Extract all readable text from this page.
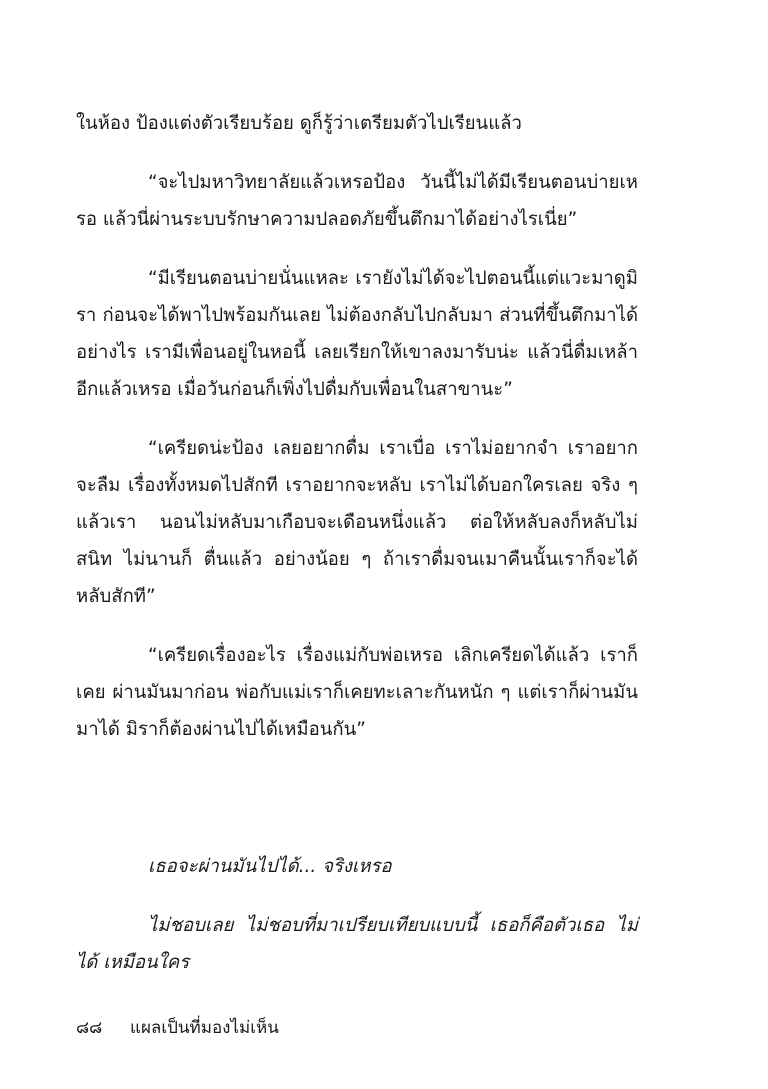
ในห้อง ป้องแต่งตัวเรียบร้อย ดูก็รู้ว่าเตรียมตัวไปเรียนแล้ว

“จะไปมหาวิทยาลัยแล้วเหรอป้อง วันนี้ไม่ได้มีเรียนตอนบ่ายเหรอ แล้วนี่ผ่านระบบรักษาความปลอดภัยขึ้นตึกมาได้อย่างไรเนี่ย”

“มีเรียนตอนบ่ายนั่นแหละ เรายังไม่ได้จะไปตอนนี้แต่แวะมาดูมิรา ก่อนจะได้พาไปพร้อมกันเลย ไม่ต้องกลับไปกลับมา ส่วนที่ขึ้นตึกมาได้อย่างไร เรามีเพื่อนอยู่ในหอนี้ เลยเรียกให้เขาลงมารับน่ะ แล้วนี่ดื่มเหล้าอีกแล้วเหรอ เมื่อวันก่อนก็เพิ่งไปดื่มกับเพื่อนในสาขานะ”

“เครียดน่ะป้อง เลยอยากดื่ม เราเบื่อ เราไม่อยากจำ เราอยากจะลืม เรื่องทั้งหมดไปสักที เราอยากจะหลับ เราไม่ได้บอกใครเลย จริง ๆ แล้วเรา นอนไม่หลับมาเกือบจะเดือนหนึ่งแล้ว ต่อให้หลับลงก็หลับไม่สนิท ไม่นานก็ ตื่นแล้ว อย่างน้อย ๆ ถ้าเราดื่มจนเมาคืนนั้นเราก็จะได้หลับสักที”

“เครียดเรื่องอะไร เรื่องแม่กับพ่อเหรอ เลิกเครียดได้แล้ว เราก็เคย ผ่านมันมาก่อน พ่อกับแม่เราก็เคยทะเลาะกันหนัก ๆ แต่เราก็ผ่านมันมาได้ มิราก็ต้องผ่านไปได้เหมือนกัน”

เธอจะผ่านมันไปได้... จริงเหรอ

ไม่ชอบเลย ไม่ชอบที่มาเปรียบเทียบแบบนี้ เธอก็คือตัวเธอ ไม่ได้ เหมือนใคร

๘๘ แผลเป็นที่มองไม่เห็น
